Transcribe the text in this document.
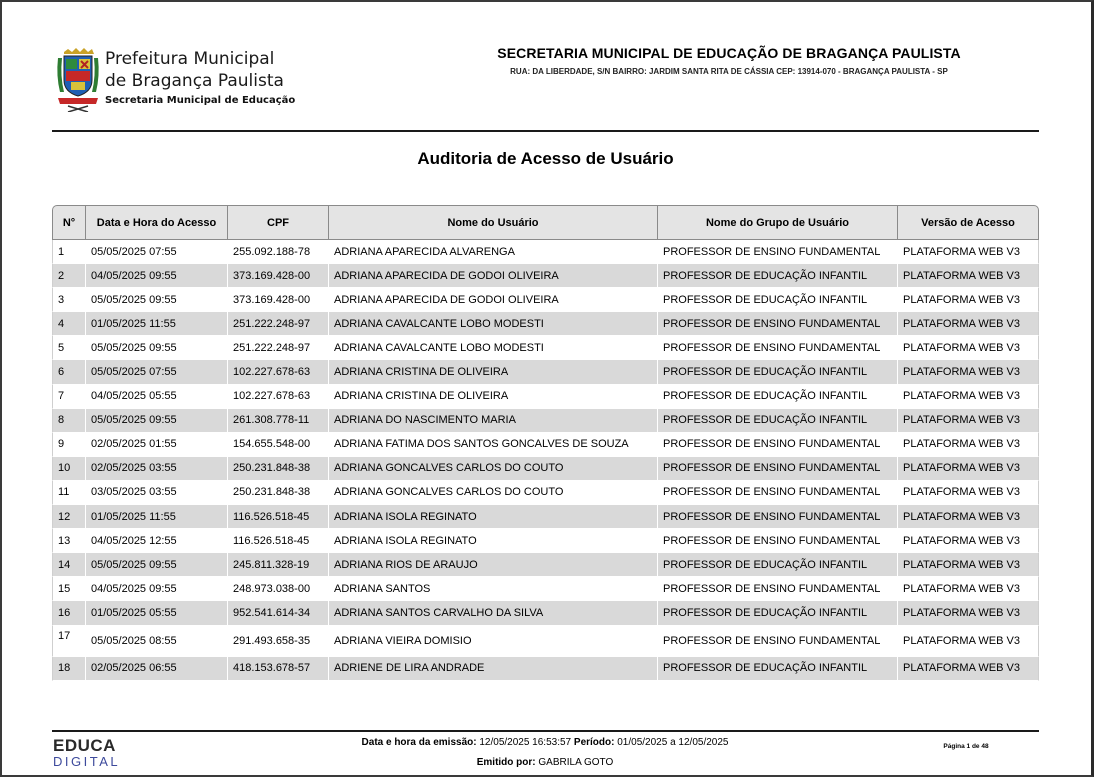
Prefeitura Municipal
de Bragança Paulista
Secretaria Municipal de Educação
SECRETARIA MUNICIPAL DE EDUCAÇÃO DE BRAGANÇA PAULISTA
RUA: DA LIBERDADE, S/N BAIRRO: JARDIM SANTA RITA DE CÁSSIA CEP: 13914-070 - BRAGANÇA PAULISTA - SP
Auditoria de Acesso de Usuário
N°	Data e Hora do Acesso	CPF	Nome do Usuário	Nome do Grupo de Usuário	Versão de Acesso
1	05/05/2025 07:55	255.092.188-78	ADRIANA APARECIDA ALVARENGA	PROFESSOR DE ENSINO FUNDAMENTAL	PLATAFORMA WEB V3
2	04/05/2025 09:55	373.169.428-00	ADRIANA APARECIDA DE GODOI OLIVEIRA	PROFESSOR DE EDUCAÇÃO INFANTIL	PLATAFORMA WEB V3
3	05/05/2025 09:55	373.169.428-00	ADRIANA APARECIDA DE GODOI OLIVEIRA	PROFESSOR DE EDUCAÇÃO INFANTIL	PLATAFORMA WEB V3
4	01/05/2025 11:55	251.222.248-97	ADRIANA CAVALCANTE LOBO MODESTI	PROFESSOR DE ENSINO FUNDAMENTAL	PLATAFORMA WEB V3
5	05/05/2025 09:55	251.222.248-97	ADRIANA CAVALCANTE LOBO MODESTI	PROFESSOR DE ENSINO FUNDAMENTAL	PLATAFORMA WEB V3
6	05/05/2025 07:55	102.227.678-63	ADRIANA CRISTINA DE OLIVEIRA	PROFESSOR DE EDUCAÇÃO INFANTIL	PLATAFORMA WEB V3
7	04/05/2025 05:55	102.227.678-63	ADRIANA CRISTINA DE OLIVEIRA	PROFESSOR DE EDUCAÇÃO INFANTIL	PLATAFORMA WEB V3
8	05/05/2025 09:55	261.308.778-11	ADRIANA DO NASCIMENTO MARIA	PROFESSOR DE EDUCAÇÃO INFANTIL	PLATAFORMA WEB V3
9	02/05/2025 01:55	154.655.548-00	ADRIANA FATIMA DOS SANTOS GONCALVES DE SOUZA	PROFESSOR DE ENSINO FUNDAMENTAL	PLATAFORMA WEB V3
10	02/05/2025 03:55	250.231.848-38	ADRIANA GONCALVES CARLOS DO COUTO	PROFESSOR DE ENSINO FUNDAMENTAL	PLATAFORMA WEB V3
11	03/05/2025 03:55	250.231.848-38	ADRIANA GONCALVES CARLOS DO COUTO	PROFESSOR DE ENSINO FUNDAMENTAL	PLATAFORMA WEB V3
12	01/05/2025 11:55	116.526.518-45	ADRIANA ISOLA REGINATO	PROFESSOR DE ENSINO FUNDAMENTAL	PLATAFORMA WEB V3
13	04/05/2025 12:55	116.526.518-45	ADRIANA ISOLA REGINATO	PROFESSOR DE ENSINO FUNDAMENTAL	PLATAFORMA WEB V3
14	05/05/2025 09:55	245.811.328-19	ADRIANA RIOS DE ARAUJO	PROFESSOR DE EDUCAÇÃO INFANTIL	PLATAFORMA WEB V3
15	04/05/2025 09:55	248.973.038-00	ADRIANA SANTOS	PROFESSOR DE ENSINO FUNDAMENTAL	PLATAFORMA WEB V3
16	01/05/2025 05:55	952.541.614-34	ADRIANA SANTOS CARVALHO DA SILVA	PROFESSOR DE EDUCAÇÃO INFANTIL	PLATAFORMA WEB V3
17	05/05/2025 08:55	291.493.658-35	ADRIANA VIEIRA DOMISIO	PROFESSOR DE ENSINO FUNDAMENTAL	PLATAFORMA WEB V3
18	02/05/2025 06:55	418.153.678-57	ADRIENE DE LIRA ANDRADE	PROFESSOR DE EDUCAÇÃO INFANTIL	PLATAFORMA WEB V3
EDUCA
DIGITAL
Data e hora da emissão: 12/05/2025 16:53:57 Período: 01/05/2025 a 12/05/2025
Emitido por: GABRILA GOTO
Página 1 de 48
